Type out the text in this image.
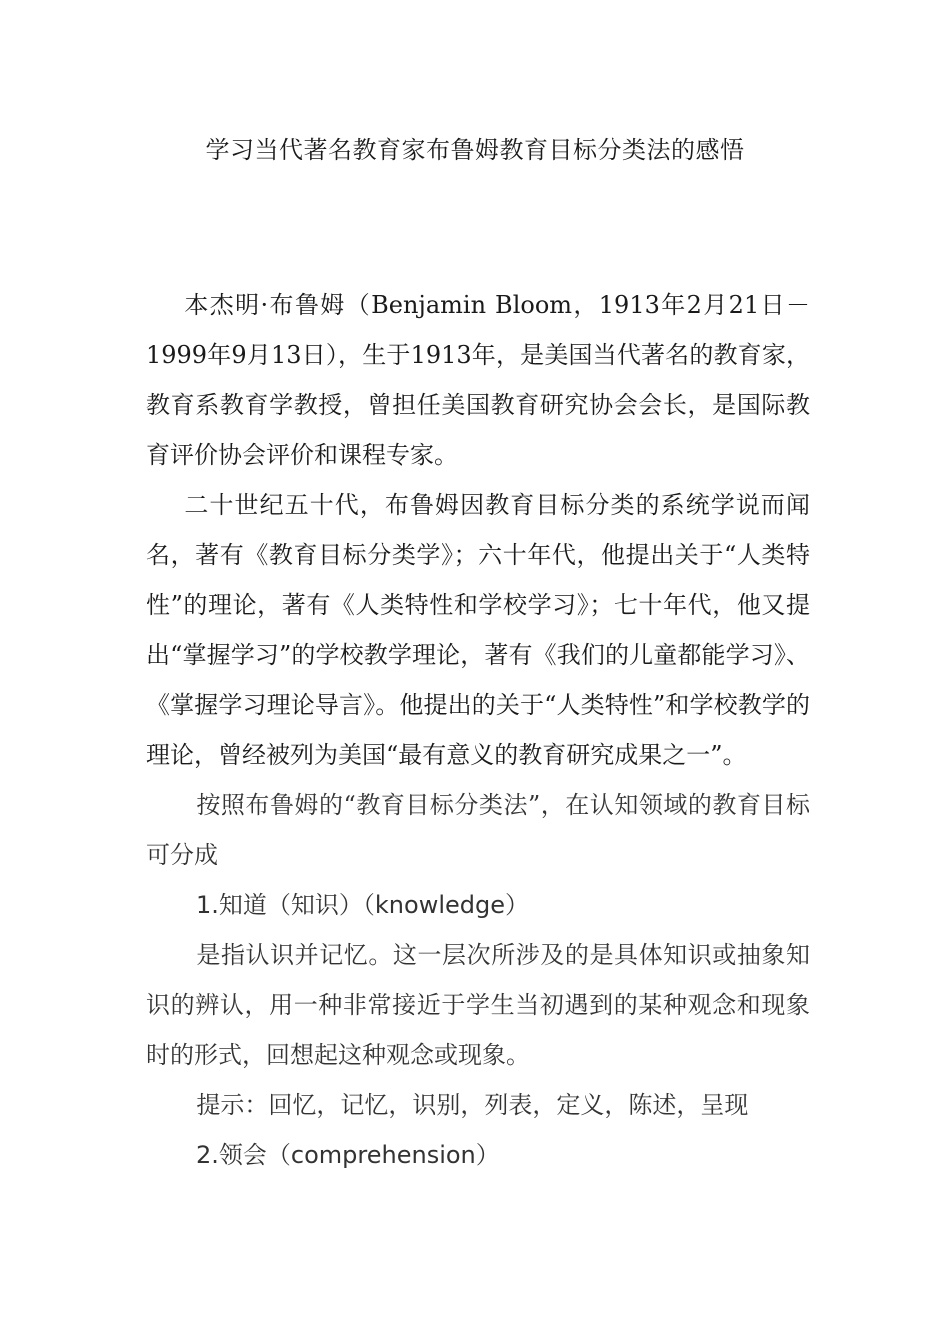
学习当代著名教育家布鲁姆教育目标分类法的感悟

本杰明·布鲁姆（Benjamin Bloom，1913年2月21日－1999年9月13日），生于1913年，是美国当代著名的教育家，教育系教育学教授，曾担任美国教育研究协会会长，是国际教育评价协会评价和课程专家。

二十世纪五十代，布鲁姆因教育目标分类的系统学说而闻名，著有《教育目标分类学》；六十年代，他提出关于“人类特性”的理论，著有《人类特性和学校学习》；七十年代，他又提出“掌握学习”的学校教学理论，著有《我们的儿童都能学习》、《掌握学习理论导言》。他提出的关于“人类特性”和学校教学的理论，曾经被列为美国“最有意义的教育研究成果之一”。

按照布鲁姆的“教育目标分类法”，在认知领域的教育目标可分成

1.知道（知识）（knowledge）

是指认识并记忆。这一层次所涉及的是具体知识或抽象知识的辨认，用一种非常接近于学生当初遇到的某种观念和现象时的形式，回想起这种观念或现象。

提示：回忆，记忆，识别，列表，定义，陈述，呈现

2.领会（comprehension）
